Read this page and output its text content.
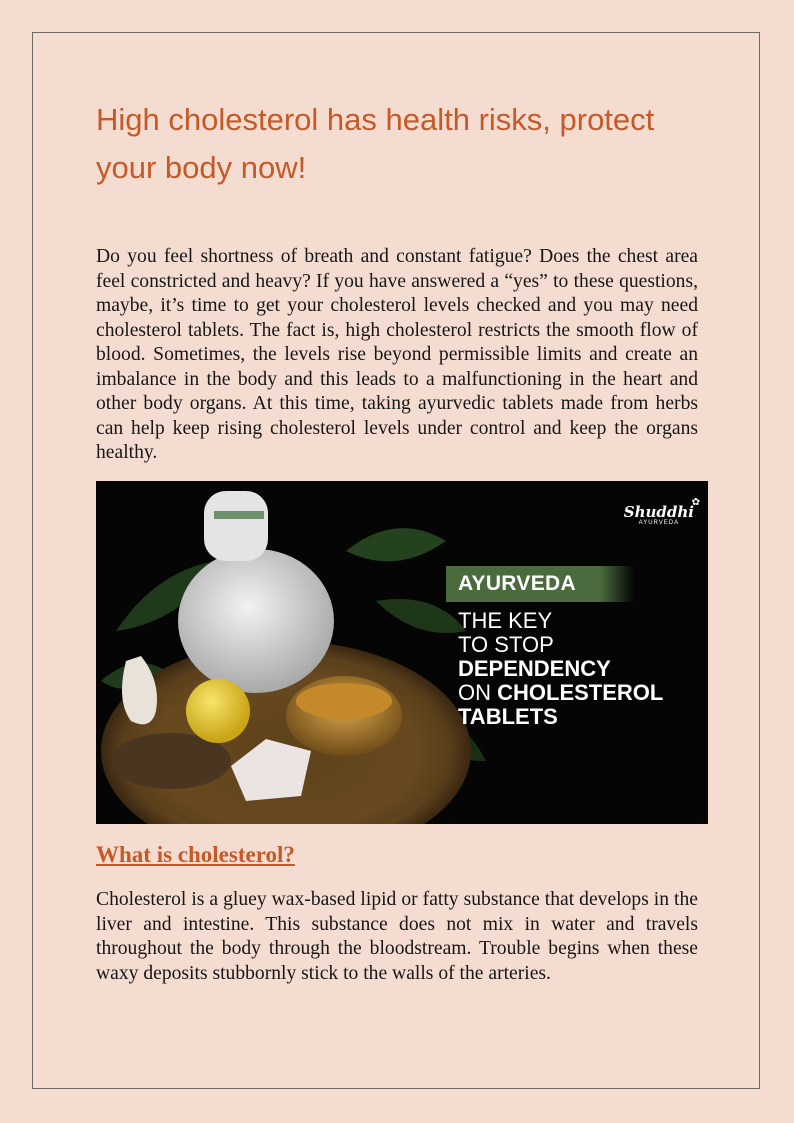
High cholesterol has health risks, protect your body now!

Do you feel shortness of breath and constant fatigue? Does the chest area feel constricted and heavy? If you have answered a “yes” to these questions, maybe, it’s time to get your cholesterol levels checked and you may need cholesterol tablets. The fact is, high cholesterol restricts the smooth flow of blood. Sometimes, the levels rise beyond permissible limits and create an imbalance in the body and this leads to a malfunctioning in the heart and other body organs. At this time, taking ayurvedic tablets made from herbs can help keep rising cholesterol levels under control and keep the organs healthy.

✿
Shuddhi
AYURVEDA
AYURVEDA
THE KEY
TO STOP
DEPENDENCY
ON CHOLESTEROL
TABLETS
What is cholesterol?

Cholesterol is a gluey wax-based lipid or fatty substance that develops in the liver and intestine. This substance does not mix in water and travels throughout the body through the bloodstream. Trouble begins when these waxy deposits stubbornly stick to the walls of the arteries.
